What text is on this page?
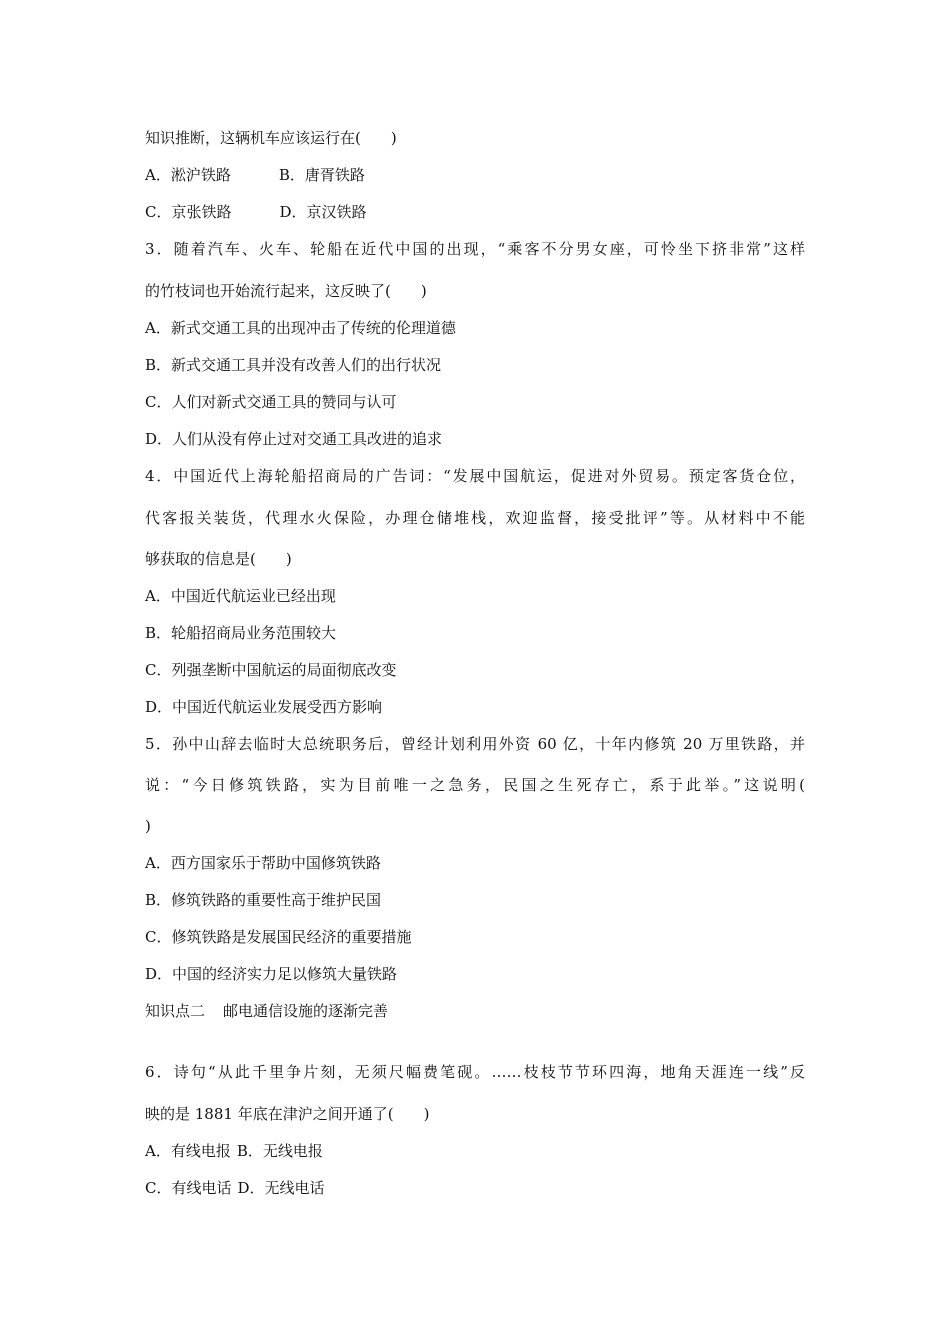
知识推断，这辆机车应该运行在(　　)
A．淞沪铁路	B．唐胥铁路
C．京张铁路	D．京汉铁路
3．随着汽车、火车、轮船在近代中国的出现，“乘客不分男女座，可怜坐下挤非常”这样
的竹枝词也开始流行起来，这反映了(　　)
A．新式交通工具的出现冲击了传统的伦理道德
B．新式交通工具并没有改善人们的出行状况
C．人们对新式交通工具的赞同与认可
D．人们从没有停止过对交通工具改进的追求
4．中国近代上海轮船招商局的广告词：“发展中国航运，促进对外贸易。预定客货仓位，
代客报关装货，代理水火保险，办理仓储堆栈，欢迎监督，接受批评”等。从材料中不能
够获取的信息是(　　)
A．中国近代航运业已经出现
B．轮船招商局业务范围较大
C．列强垄断中国航运的局面彻底改变
D．中国近代航运业发展受西方影响
5．孙中山辞去临时大总统职务后，曾经计划利用外资 60 亿，十年内修筑 20 万里铁路，并
说：“今日修筑铁路，实为目前唯一之急务，民国之生死存亡，系于此举。”这说明(
)
A．西方国家乐于帮助中国修筑铁路
B．修筑铁路的重要性高于维护民国
C．修筑铁路是发展国民经济的重要措施
D．中国的经济实力足以修筑大量铁路
知识点二 邮电通信设施的逐渐完善
6．诗句“从此千里争片刻，无须尺幅费笔砚。……枝枝节节环四海，地角天涯连一线”反
映的是 1881 年底在津沪之间开通了(　　)
A．有线电报 B．无线电报
C．有线电话 D．无线电话
